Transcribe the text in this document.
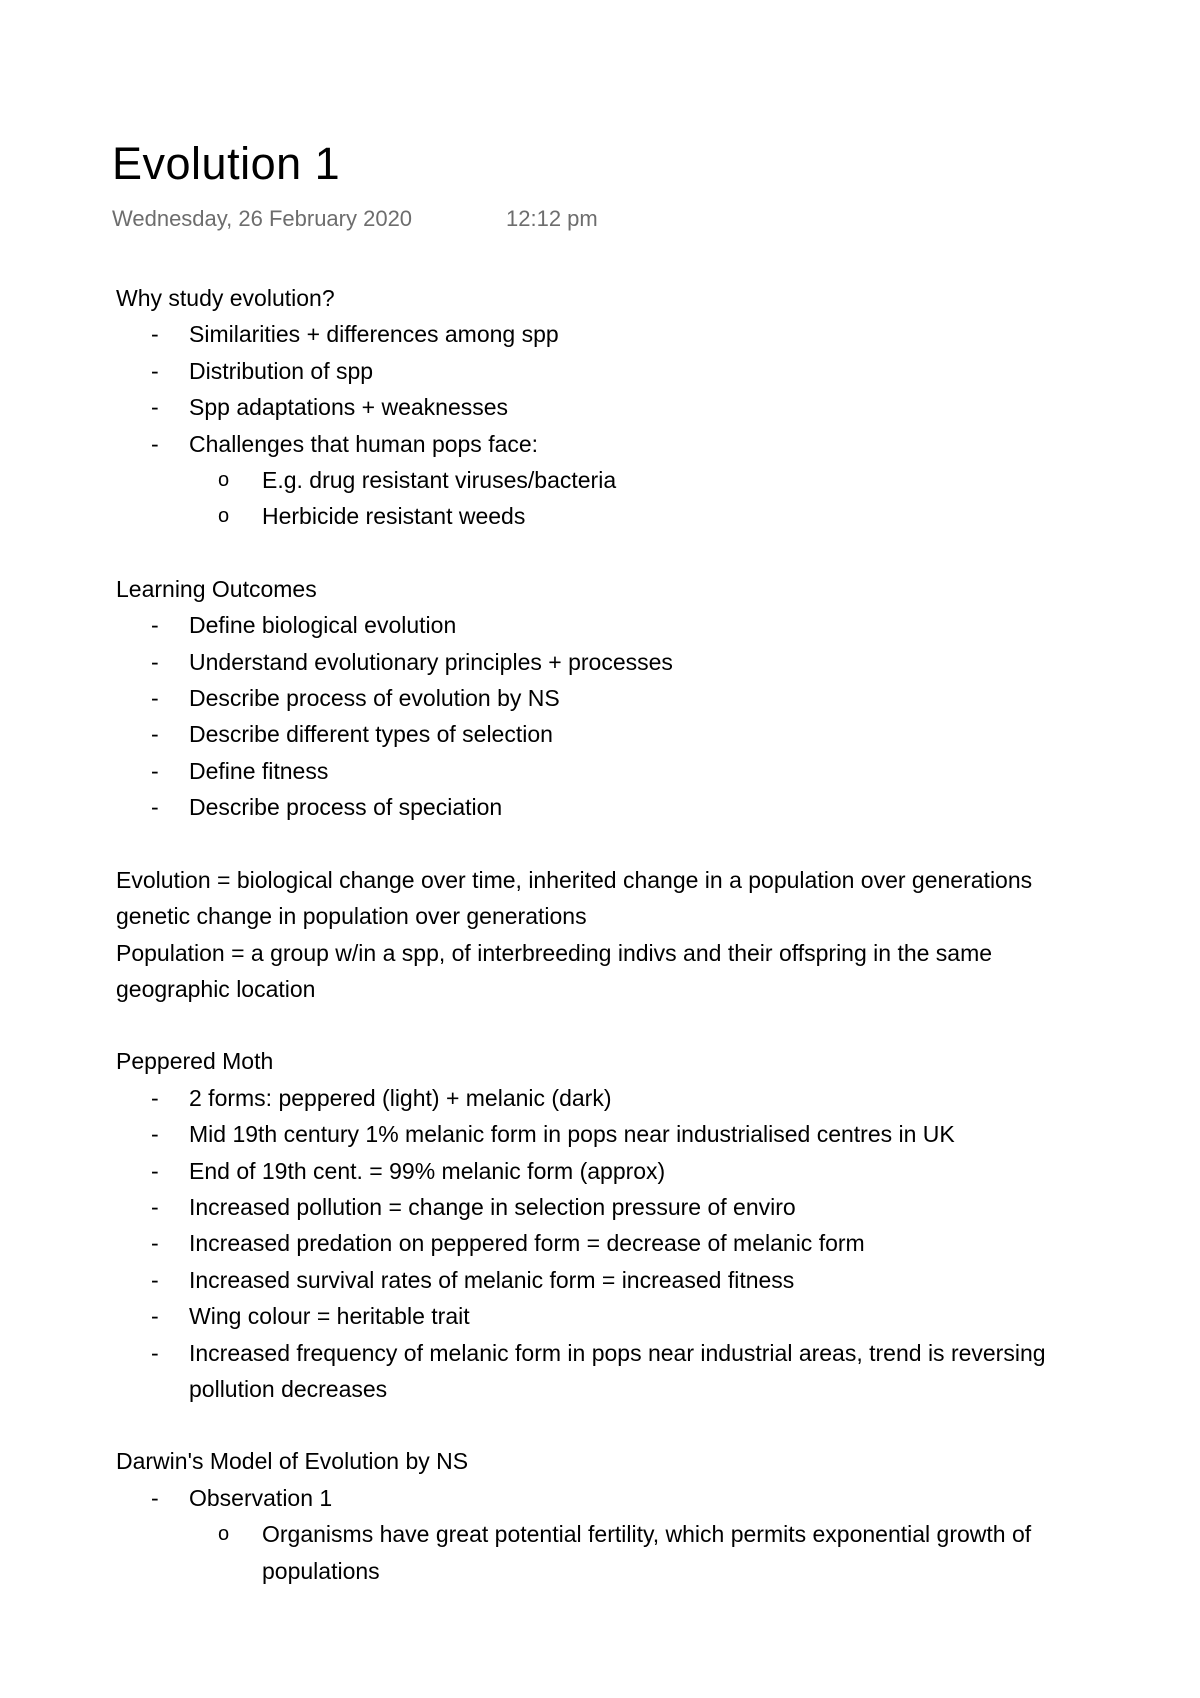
Evolution 1
Wednesday, 26 February 2020	12:12 pm

Why study evolution?

- Similarities + differences among spp
- Distribution of spp
- Spp adaptations + weaknesses
- Challenges that human pops face:
o E.g. drug resistant viruses/bacteria
o Herbicide resistant weeds

Learning Outcomes

- Define biological evolution
- Understand evolutionary principles + processes
- Describe process of evolution by NS
- Describe different types of selection
- Define fitness
- Describe process of speciation

Evolution = biological change over time, inherited change in a population over generations

genetic change in population over generations

Population = a group w/in a spp, of interbreeding indivs and their offspring in the same

geographic location

Peppered Moth

- 2 forms: peppered (light) + melanic (dark)
- Mid 19th century 1% melanic form in pops near industrialised centres in UK
- End of 19th cent. = 99% melanic form (approx)
- Increased pollution = change in selection pressure of enviro
- Increased predation on peppered form = decrease of melanic form
- Increased survival rates of melanic form = increased fitness
- Wing colour = heritable trait
- Increased frequency of melanic form in pops near industrial areas, trend is reversing
pollution decreases

Darwin's Model of Evolution by NS

- Observation 1
o Organisms have great potential fertility, which permits exponential growth of
populations
